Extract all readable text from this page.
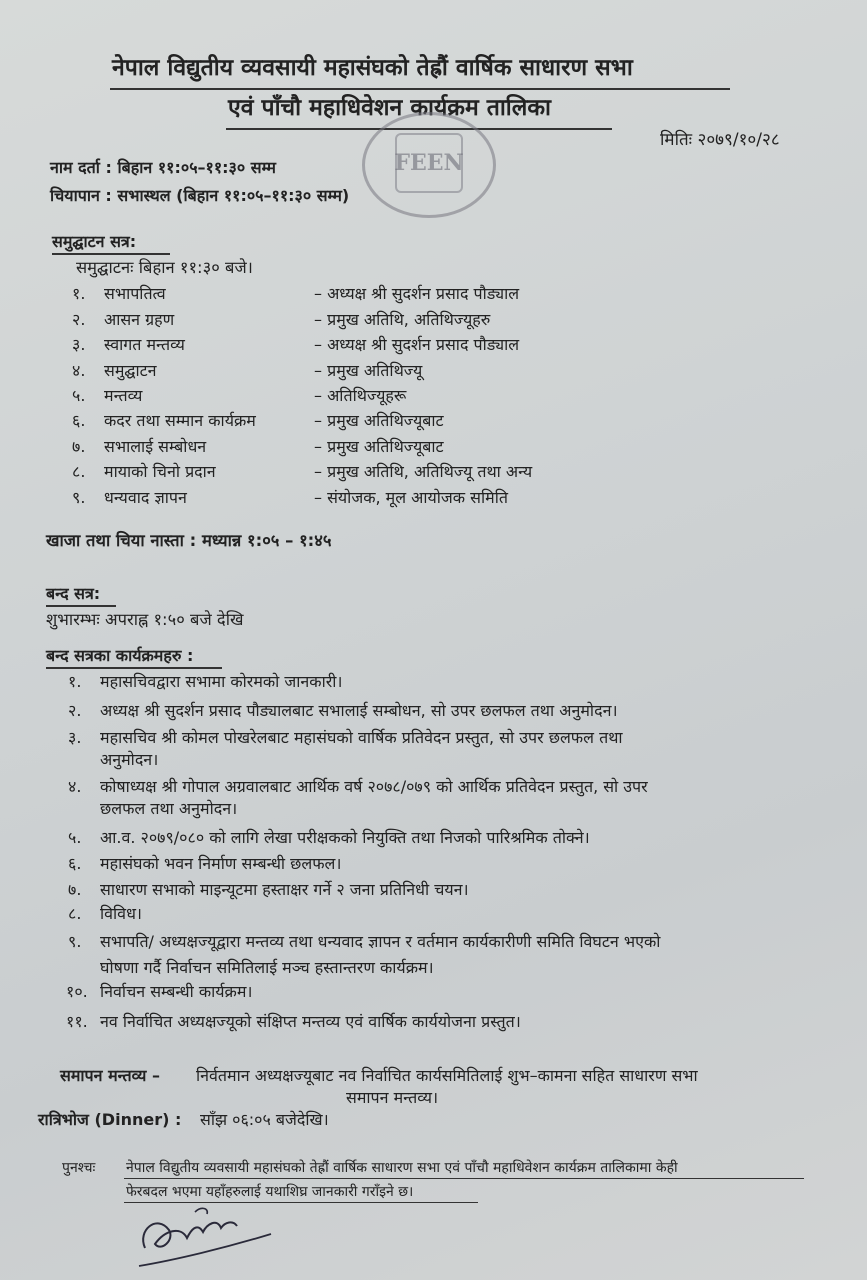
नेपाल विद्युतीय व्यवसायी महासंघको तेह्रौं वार्षिक साधारण सभा
एवं पाँचौ महाधिवेशन कार्यक्रम तालिका
मितिः २०७९/१०/२८
FEEN
नाम दर्ता : बिहान ११:०५–११:३० सम्म
चियापान : सभास्थल (बिहान ११:०५–११:३० सम्म)
समुद्घाटन सत्र:
समुद्घाटनः बिहान ११:३० बजे।
१. सभापतित्व	– अध्यक्ष श्री सुदर्शन प्रसाद पौड्याल
२. आसन ग्रहण	– प्रमुख अतिथि, अतिथिज्यूहरु
३. स्वागत मन्तव्य	– अध्यक्ष श्री सुदर्शन प्रसाद पौड्याल
४. समुद्घाटन	– प्रमुख अतिथिज्यू
५. मन्तव्य	– अतिथिज्यूहरू
६. कदर तथा सम्मान कार्यक्रम	– प्रमुख अतिथिज्यूबाट
७. सभालाई सम्बोधन	– प्रमुख अतिथिज्यूबाट
८. मायाको चिनो प्रदान	– प्रमुख अतिथि, अतिथिज्यू तथा अन्य
९. धन्यवाद ज्ञापन	– संयोजक, मूल आयोजक समिति
खाजा तथा चिया नास्ता : मध्यान्न १:०५ – १:४५
बन्द सत्र:
शुभारम्भः अपराह्न १:५० बजे देखि
बन्द सत्रका कार्यक्रमहरु :
१. महासचिवद्वारा सभामा कोरमको जानकारी।
२. अध्यक्ष श्री सुदर्शन प्रसाद पौड्यालबाट सभालाई सम्बोधन, सो उपर छलफल तथा अनुमोदन।
३. महासचिव श्री कोमल पोखरेलबाट महासंघको वार्षिक प्रतिवेदन प्रस्तुत, सो उपर छलफल तथा
अनुमोदन।
४. कोषाध्यक्ष श्री गोपाल अग्रवालबाट आर्थिक वर्ष २०७८/०७९ को आर्थिक प्रतिवेदन प्रस्तुत, सो उपर
छलफल तथा अनुमोदन।
५. आ.व. २०७९/०८० को लागि लेखा परीक्षकको नियुक्ति तथा निजको पारिश्रमिक तोक्ने।
६. महासंघको भवन निर्माण सम्बन्धी छलफल।
७. साधारण सभाको माइन्यूटमा हस्ताक्षर गर्ने २ जना प्रतिनिधी चयन।
८. विविध।
९. सभापति/ अध्यक्षज्यूद्वारा मन्तव्य तथा धन्यवाद ज्ञापन र वर्तमान कार्यकारीणी समिति विघटन भएको
घोषणा गर्दै निर्वाचन समितिलाई मञ्च हस्तान्तरण कार्यक्रम।
१०. निर्वाचन सम्बन्धी कार्यक्रम।
११. नव निर्वाचित अध्यक्षज्यूको संक्षिप्त मन्तव्य एवं वार्षिक कार्ययोजना प्रस्तुत।
समापन मन्तव्य – निर्वतमान अध्यक्षज्यूबाट नव निर्वाचित कार्यसमितिलाई शुभ–कामना सहित साधारण सभा
समापन मन्तव्य।
रात्रिभोज (Dinner) : साँझ ०६:०५ बजेदेखि।
पुनश्चः नेपाल विद्युतीय व्यवसायी महासंघको तेह्रौं वार्षिक साधारण सभा एवं पाँचौ महाधिवेशन कार्यक्रम तालिकामा केही
फेरबदल भएमा यहाँहरुलाई यथाशिघ्र जानकारी गराँइने छ।
